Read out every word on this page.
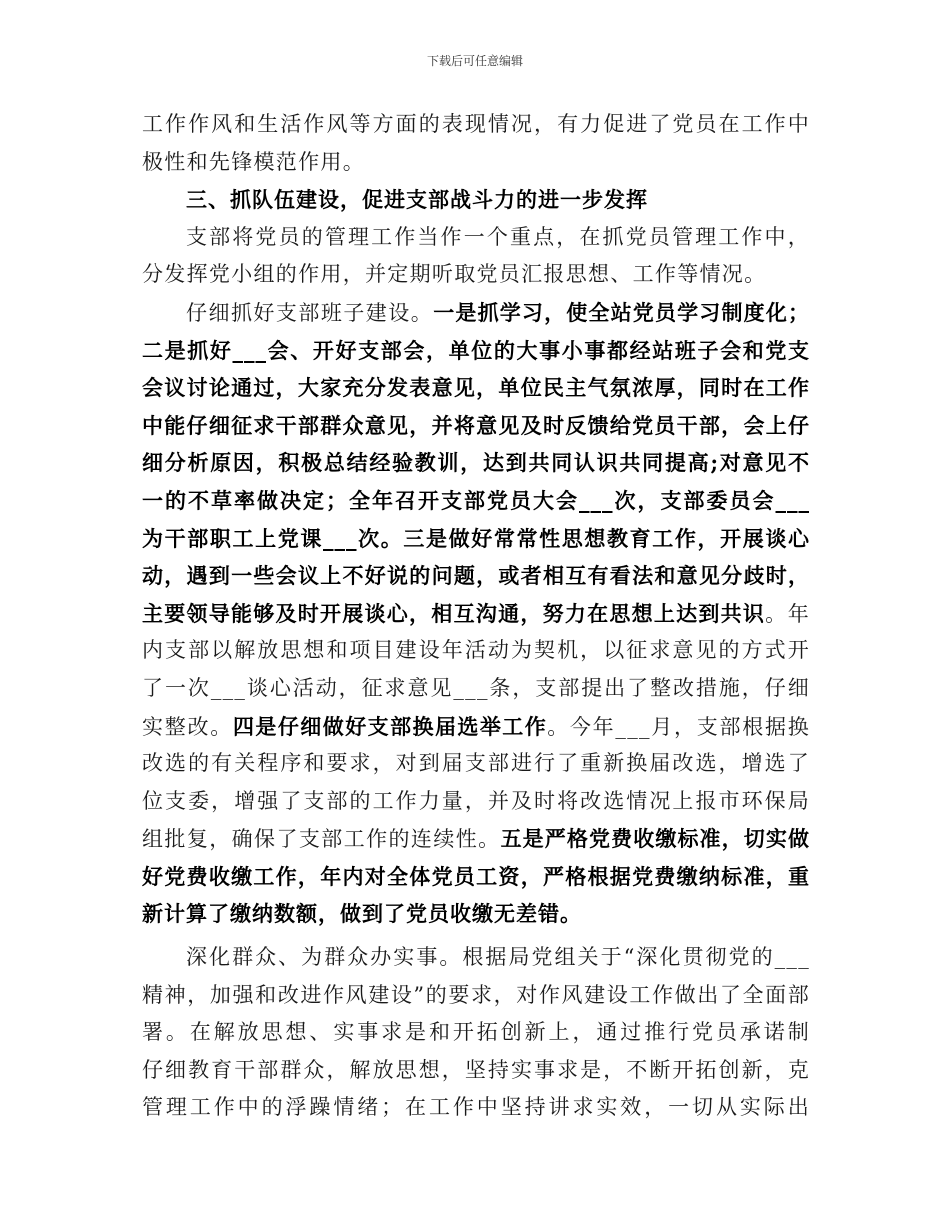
下载后可任意编辑
工作作风和生活作风等方面的表现情况，有力促进了党员在工作中
极性和先锋模范作用。
三、抓队伍建设，促进支部战斗力的进一步发挥
支部将党员的管理工作当作一个重点，在抓党员管理工作中，
分发挥党小组的作用，并定期听取党员汇报思想、工作等情况。
仔细抓好支部班子建设。一是抓学习，使全站党员学习制度化；
二是抓好___会、开好支部会，单位的大事小事都经站班子会和党支
会议讨论通过，大家充分发表意见，单位民主气氛浓厚，同时在工作
中能仔细征求干部群众意见，并将意见及时反馈给党员干部，会上仔
细分析原因，积极总结经验教训，达到共同认识共同提高;对意见不
一的不草率做决定；全年召开支部党员大会___次，支部委员会___
为干部职工上党课___次。三是做好常常性思想教育工作，开展谈心
动，遇到一些会议上不好说的问题，或者相互有看法和意见分歧时，
主要领导能够及时开展谈心，相互沟通，努力在思想上达到共识。年
内支部以解放思想和项目建设年活动为契机，以征求意见的方式开
了一次___谈心活动，征求意见___条，支部提出了整改措施，仔细
实整改。四是仔细做好支部换届选举工作。今年___月，支部根据换
改选的有关程序和要求，对到届支部进行了重新换届改选，增选了
位支委，增强了支部的工作力量，并及时将改选情况上报市环保局
组批复，确保了支部工作的连续性。五是严格党费收缴标准，切实做
好党费收缴工作，年内对全体党员工资，严格根据党费缴纳标准，重
新计算了缴纳数额，做到了党员收缴无差错。
深化群众、为群众办实事。根据局党组关于“深化贯彻党的___
精神，加强和改进作风建设”的要求，对作风建设工作做出了全面部
署。在解放思想、实事求是和开拓创新上，通过推行党员承诺制
仔细教育干部群众，解放思想，坚持实事求是，不断开拓创新，克
管理工作中的浮躁情绪；在工作中坚持讲求实效，一切从实际出
